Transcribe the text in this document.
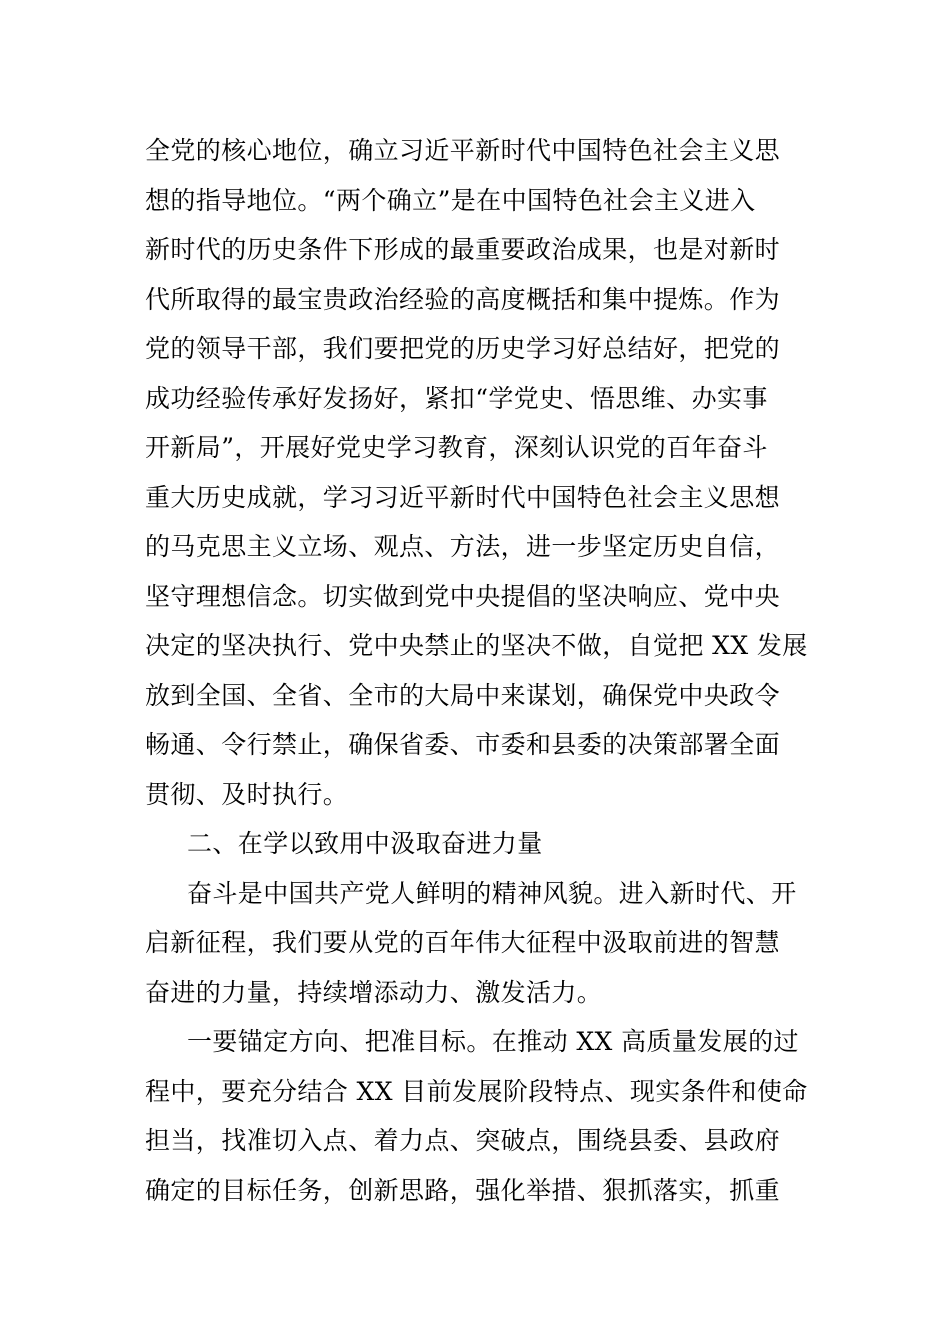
全党的核心地位，确立习近平新时代中国特色社会主义思
想的指导地位。“两个确立”是在中国特色社会主义进入
新时代的历史条件下形成的最重要政治成果，也是对新时
代所取得的最宝贵政治经验的高度概括和集中提炼。作为
党的领导干部，我们要把党的历史学习好总结好，把党的
成功经验传承好发扬好，紧扣“学党史、悟思维、办实事
开新局”，开展好党史学习教育，深刻认识党的百年奋斗
重大历史成就，学习习近平新时代中国特色社会主义思想
的马克思主义立场、观点、方法，进一步坚定历史自信，
坚守理想信念。切实做到党中央提倡的坚决响应、党中央
决定的坚决执行、党中央禁止的坚决不做，自觉把 XX 发展
放到全国、全省、全市的大局中来谋划，确保党中央政令
畅通、令行禁止，确保省委、市委和县委的决策部署全面
贯彻、及时执行。
二、在学以致用中汲取奋进力量
奋斗是中国共产党人鲜明的精神风貌。进入新时代、开
启新征程，我们要从党的百年伟大征程中汲取前进的智慧
奋进的力量，持续增添动力、激发活力。
一要锚定方向、把准目标。在推动 XX 高质量发展的过
程中，要充分结合 XX 目前发展阶段特点、现实条件和使命
担当，找准切入点、着力点、突破点，围绕县委、县政府
确定的目标任务，创新思路，强化举措、狠抓落实，抓重
